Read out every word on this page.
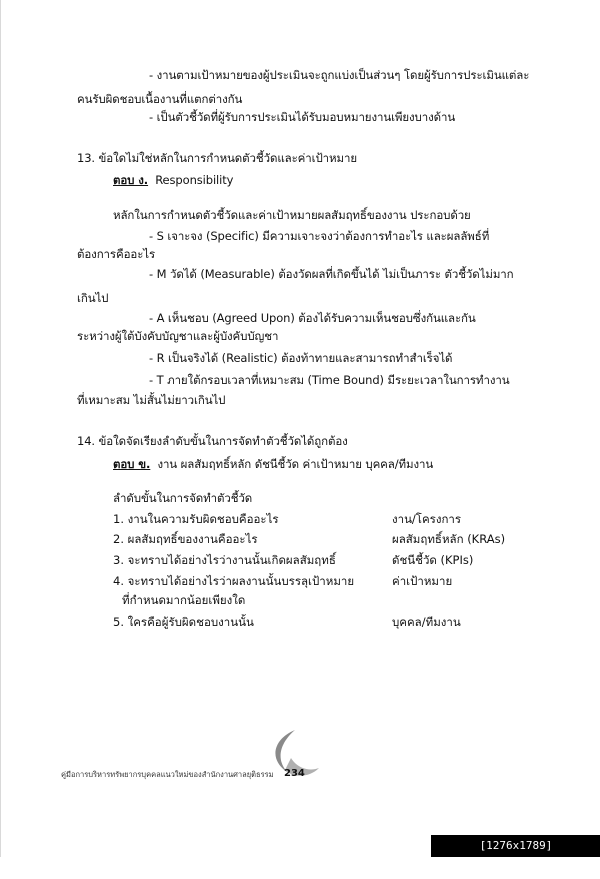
- งานตามเป้าหมายของผู้ประเมินจะถูกแบ่งเป็นส่วนๆ โดยผู้รับการประเมินแต่ละ
คนรับผิดชอบเนื้องานที่แตกต่างกัน
- เป็นตัวชี้วัดที่ผู้รับการประเมินได้รับมอบหมายงานเพียงบางด้าน
13. ข้อใดไม่ใช่หลักในการกำหนดตัวชี้วัดและค่าเป้าหมาย
ตอบ ง. Responsibility
หลักในการกำหนดตัวชี้วัดและค่าเป้าหมายผลสัมฤทธิ์ของงาน ประกอบด้วย
- S เจาะจง (Specific) มีความเจาะจงว่าต้องการทำอะไร และผลลัพธ์ที่
ต้องการคืออะไร
- M วัดได้ (Measurable) ต้องวัดผลที่เกิดขึ้นได้ ไม่เป็นภาระ ตัวชี้วัดไม่มาก
เกินไป
- A เห็นชอบ (Agreed Upon) ต้องได้รับความเห็นชอบซึ่งกันและกัน
ระหว่างผู้ใต้บังคับบัญชาและผู้บังคับบัญชา
- R เป็นจริงได้ (Realistic) ต้องท้าทายและสามารถทำสำเร็จได้
- T ภายใต้กรอบเวลาที่เหมาะสม (Time Bound) มีระยะเวลาในการทำงาน
ที่เหมาะสม ไม่สั้นไม่ยาวเกินไป
14. ข้อใดจัดเรียงลำดับขั้นในการจัดทำตัวชี้วัดได้ถูกต้อง
ตอบ ข. งาน ผลสัมฤทธิ์หลัก ดัชนีชี้วัด ค่าเป้าหมาย บุคคล/ทีมงาน
ลำดับขั้นในการจัดทำตัวชี้วัด
1. งานในความรับผิดชอบคืออะไร	งาน/โครงการ
2. ผลสัมฤทธิ์ของงานคืออะไร	ผลสัมฤทธิ์หลัก (KRAs)
3. จะทราบได้อย่างไรว่างานนั้นเกิดผลสัมฤทธิ์	ดัชนีชี้วัด (KPIs)
4. จะทราบได้อย่างไรว่าผลงานนั้นบรรลุเป้าหมาย	ค่าเป้าหมาย
ที่กำหนดมากน้อยเพียงใด
5. ใครคือผู้รับผิดชอบงานนั้น	บุคคล/ทีมงาน
คู่มือการบริหารทรัพยากรบุคคลแนวใหม่ของสำนักงานศาลยุติธรรม 234
[1276x1789] https://upic.me/
